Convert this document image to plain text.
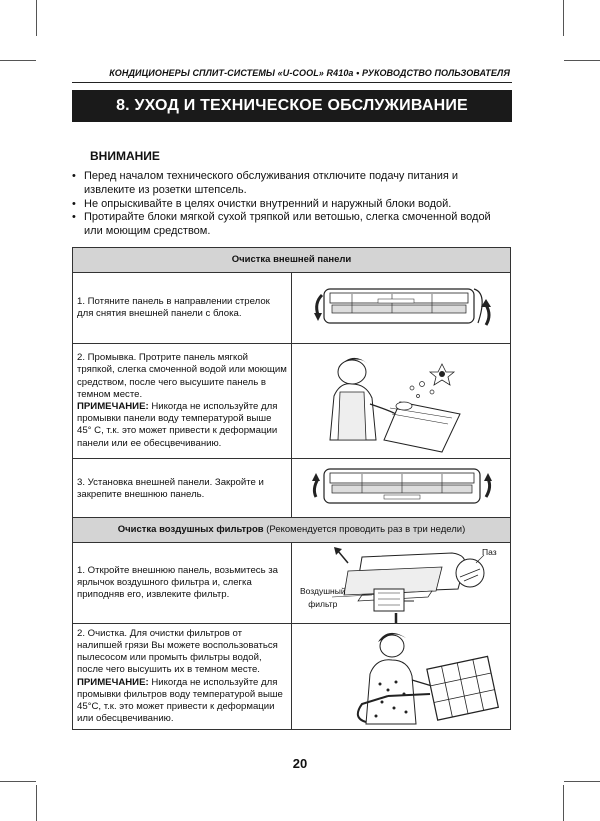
КОНДИЦИОНЕРЫ СПЛИТ-СИСТЕМЫ «U-COOL» R410a • РУКОВОДСТВО ПОЛЬЗОВАТЕЛЯ
8. УХОД И ТЕХНИЧЕСКОЕ ОБСЛУЖИВАНИЕ
ВНИМАНИЕ
• Перед началом технического обслуживания отключите подачу питания и извлеките из розетки штепсель.
• Не опрыскивайте в целях очистки внутренний и наружный блоки водой.
• Протирайте блоки мягкой сухой тряпкой или ветошью, слегка смоченной водой или моющим средством.
Очистка внешней панели
1. Потяните панель в направлении стрелок для снятия внешней панели с блока.
2. Промывка. Протрите панель мягкой тряпкой, слегка смоченной водой или моющим средством, после чего высушите панель в темном месте.
ПРИМЕЧАНИЕ: Никогда не используйте для промывки панели воду температурой выше 45° С, т.к. это может привести к деформации панели или ее обесцвечиванию.
3. Установка внешней панели. Закройте и закрепите внешнюю панель.
Очистка воздушных фильтров (Рекомендуется проводить раз в три недели)
1. Откройте внешнюю панель, возьмитесь за ярлычок воздушного фильтра и, слегка приподняв его, извлеките фильтр.
Паз
Воздушный
фильтр
2. Очистка. Для очистки фильтров от налипшей грязи Вы можете воспользоваться пылесосом или промыть фильтры водой, после чего высушить их в темном месте.
ПРИМЕЧАНИЕ: Никогда не используйте для промывки фильтров воду температурой выше 45°С, т.к. это может привести к деформации или обесцвечиванию.
20
